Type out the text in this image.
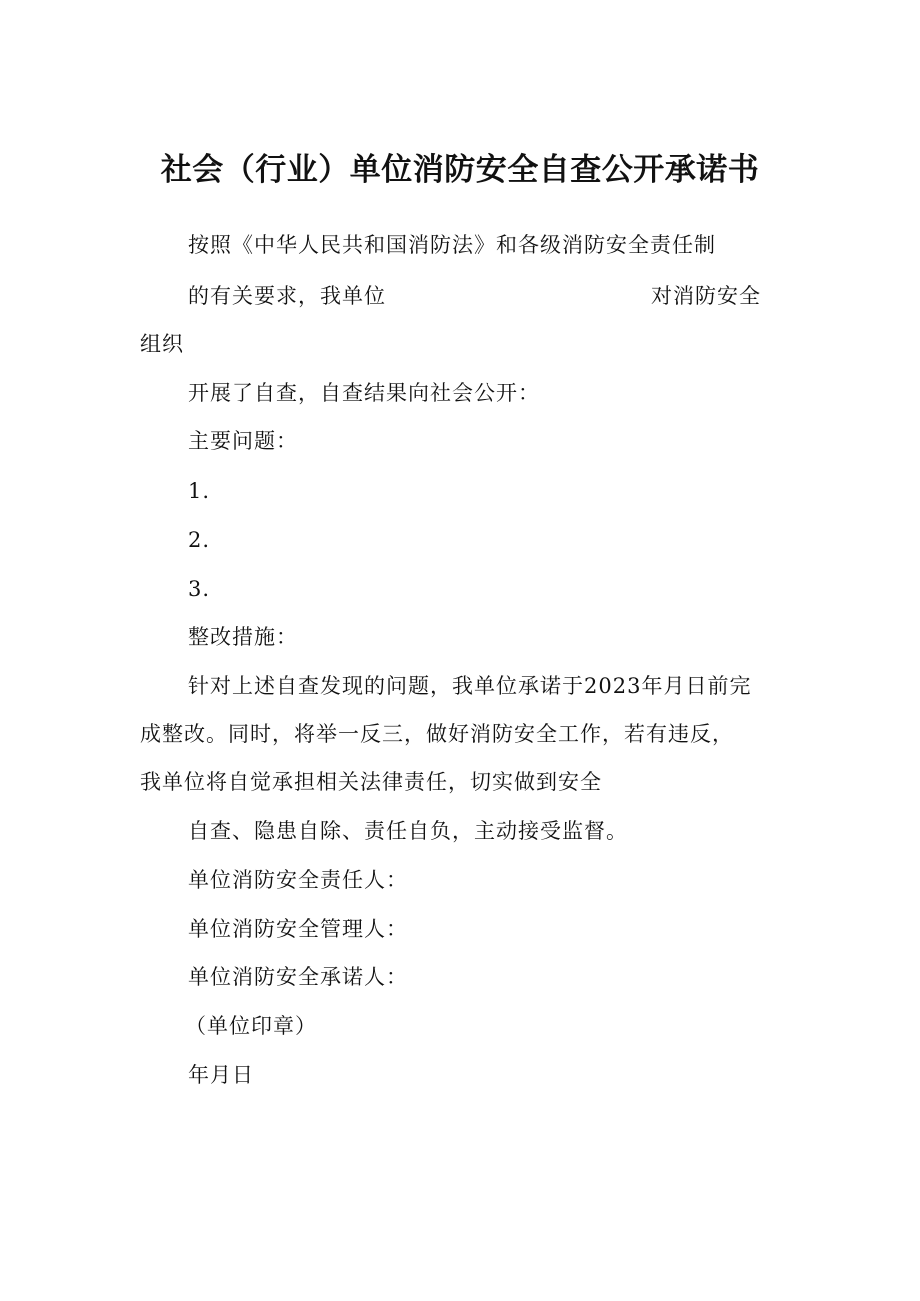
社会（行业）单位消防安全自查公开承诺书
按照《中华人民共和国消防法》和各级消防安全责任制
的有关要求，我单位	对消防安全
组织
开展了自查，自查结果向社会公开：
主要问题：
1.
2.
3.
整改措施：
针对上述自查发现的问题，我单位承诺于2023年月日前完
成整改。同时，将举一反三，做好消防安全工作，若有违反，
我单位将自觉承担相关法律责任，切实做到安全
自查、隐患自除、责任自负，主动接受监督。
单位消防安全责任人：
单位消防安全管理人：
单位消防安全承诺人：
（单位印章）
年月日
